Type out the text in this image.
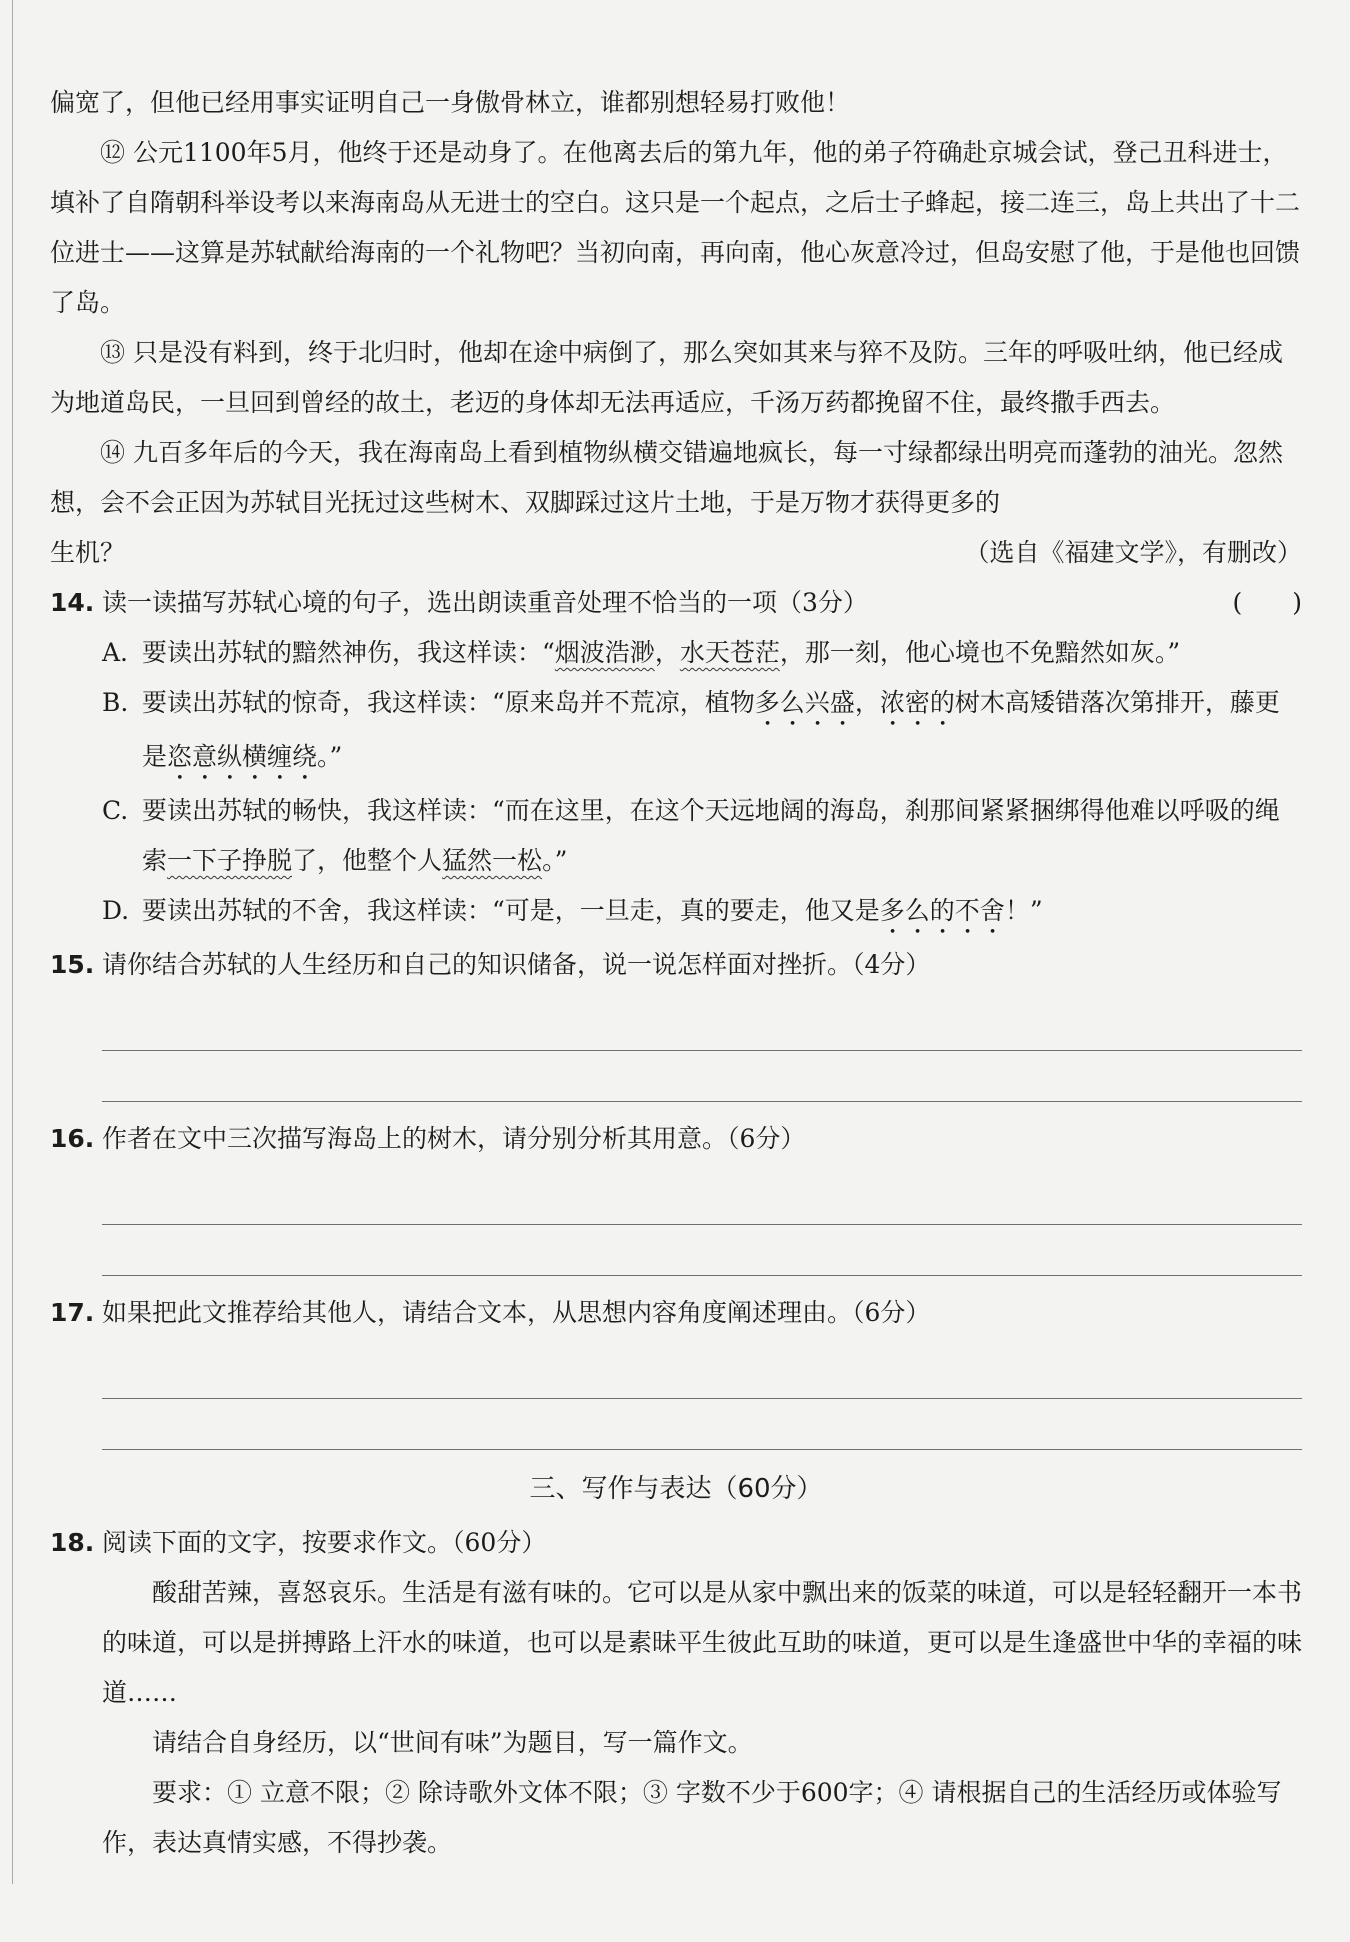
偏宽了，但他已经用事实证明自己一身傲骨林立，谁都别想轻易打败他！

⑫ 公元1100年5月，他终于还是动身了。在他离去后的第九年，他的弟子符确赴京城会试，登己丑科进士，填补了自隋朝科举设考以来海南岛从无进士的空白。这只是一个起点，之后士子蜂起，接二连三，岛上共出了十二位进士——这算是苏轼献给海南的一个礼物吧？当初向南，再向南，他心灰意冷过，但岛安慰了他，于是他也回馈了岛。

⑬ 只是没有料到，终于北归时，他却在途中病倒了，那么突如其来与猝不及防。三年的呼吸吐纳，他已经成为地道岛民，一旦回到曾经的故土，老迈的身体却无法再适应，千汤万药都挽留不住，最终撒手西去。

⑭ 九百多年后的今天，我在海南岛上看到植物纵横交错遍地疯长，每一寸绿都绿出明亮而蓬勃的油光。忽然想，会不会正因为苏轼目光抚过这些树木、双脚踩过这片土地，于是万物才获得更多的

生机？	（选自《福建文学》，有删改）
14. 读一读描写苏轼心境的句子，选出朗读重音处理不恰当的一项（3分）	(　　)
A. 要读出苏轼的黯然神伤，我这样读：“烟波浩渺，水天苍茫，那一刻，他心境也不免黯然如灰。”
B. 要读出苏轼的惊奇，我这样读：“原来岛并不荒凉，植物多么兴盛，浓密的树木高矮错落次第排开，藤更是恣意纵横缠绕。”
C. 要读出苏轼的畅快，我这样读：“而在这里，在这个天远地阔的海岛，刹那间紧紧捆绑得他难以呼吸的绳索一下子挣脱了，他整个人猛然一松。”
D. 要读出苏轼的不舍，我这样读：“可是，一旦走，真的要走，他又是多么的不舍！”
15. 请你结合苏轼的人生经历和自己的知识储备，说一说怎样面对挫折。（4分）
16. 作者在文中三次描写海岛上的树木，请分别分析其用意。（6分）
17. 如果把此文推荐给其他人，请结合文本，从思想内容角度阐述理由。（6分）
三、写作与表达（60分）
18. 阅读下面的文字，按要求作文。（60分）

酸甜苦辣，喜怒哀乐。生活是有滋有味的。它可以是从家中飘出来的饭菜的味道，可以是轻轻翻开一本书的味道，可以是拼搏路上汗水的味道，也可以是素昧平生彼此互助的味道，更可以是生逢盛世中华的幸福的味道……

请结合自身经历，以“世间有味”为题目，写一篇作文。

要求：① 立意不限；② 除诗歌外文体不限；③ 字数不少于600字；④ 请根据自己的生活经历或体验写作，表达真情实感，不得抄袭。
